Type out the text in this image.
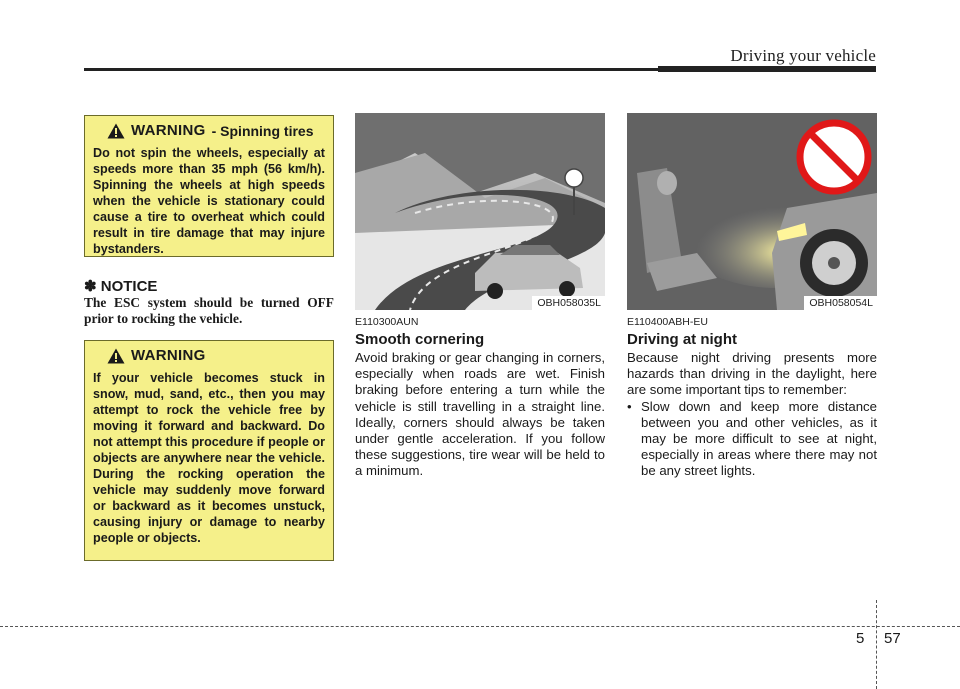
Driving your vehicle
WARNING - Spinning tires
Do not spin the wheels, especially at speeds more than 35 mph (56 km/h). Spinning the wheels at high speeds when the vehicle is stationary could cause a tire to overheat which could result in tire damage that may injure bystanders.
✽ NOTICE
The ESC system should be turned OFF prior to rocking the vehicle.
WARNING
If your vehicle becomes stuck in snow, mud, sand, etc., then you may attempt to rock the vehicle free by moving it forward and backward. Do not attempt this procedure if people or objects are anywhere near the vehicle. During the rocking operation the vehicle may suddenly move forward or backward as it becomes unstuck, causing injury or damage to nearby people or objects.
OBH058035L
E110300AUN
Smooth cornering
Avoid braking or gear changing in corners, especially when roads are wet. Finish braking before entering a turn while the vehicle is still travelling in a straight line. Ideally, corners should always be taken under gentle acceleration. If you follow these suggestions, tire wear will be held to a minimum.
OBH058054L
E110400ABH-EU
Driving at night
Because night driving presents more hazards than driving in the daylight, here are some important tips to remember:
• Slow down and keep more distance between you and other vehicles, as it may be more difficult to see at night, especially in areas where there may not be any street lights.
5 57
